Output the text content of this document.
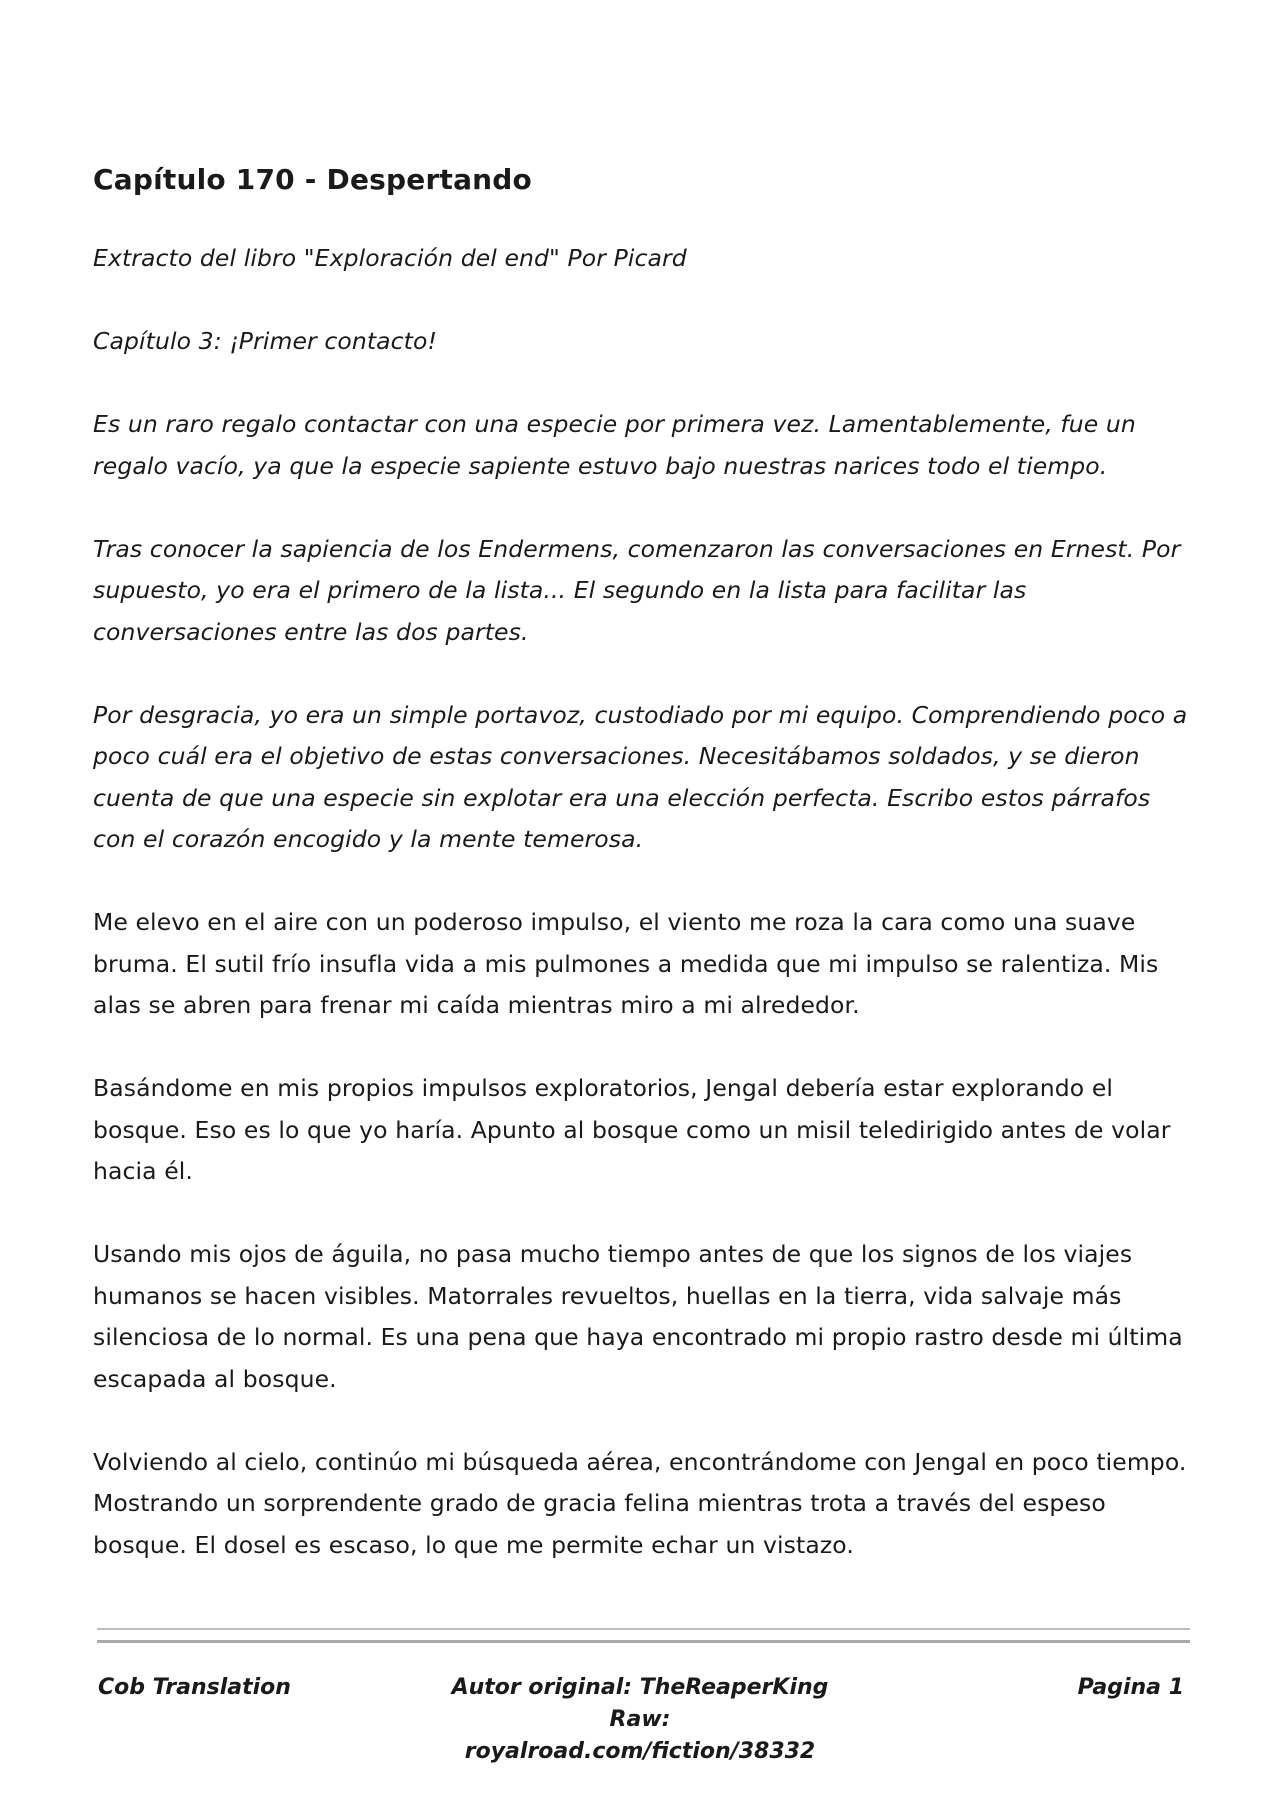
Capítulo 170 - Despertando

Extracto del libro "Exploración del end" Por Picard

Capítulo 3: ¡Primer contacto!

Es un raro regalo contactar con una especie por primera vez. Lamentablemente, fue un regalo vacío, ya que la especie sapiente estuvo bajo nuestras narices todo el tiempo.

Tras conocer la sapiencia de los Endermens, comenzaron las conversaciones en Ernest. Por supuesto, yo era el primero de la lista... El segundo en la lista para facilitar las conversaciones entre las dos partes.

Por desgracia, yo era un simple portavoz, custodiado por mi equipo. Comprendiendo poco a poco cuál era el objetivo de estas conversaciones. Necesitábamos soldados, y se dieron cuenta de que una especie sin explotar era una elección perfecta. Escribo estos párrafos con el corazón encogido y la mente temerosa.

Me elevo en el aire con un poderoso impulso, el viento me roza la cara como una suave bruma. El sutil frío insufla vida a mis pulmones a medida que mi impulso se ralentiza. Mis alas se abren para frenar mi caída mientras miro a mi alrededor.

Basándome en mis propios impulsos exploratorios, Jengal debería estar explorando el bosque. Eso es lo que yo haría. Apunto al bosque como un misil teledirigido antes de volar hacia él.

Usando mis ojos de águila, no pasa mucho tiempo antes de que los signos de los viajes humanos se hacen visibles. Matorrales revueltos, huellas en la tierra, vida salvaje más silenciosa de lo normal. Es una pena que haya encontrado mi propio rastro desde mi última escapada al bosque.

Volviendo al cielo, continúo mi búsqueda aérea, encontrándome con Jengal en poco tiempo. Mostrando un sorprendente grado de gracia felina mientras trota a través del espeso bosque. El dosel es escaso, lo que me permite echar un vistazo.

Cob Translation	Autor original: TheReaperKing
Raw: royalroad.com/fiction/38332
Pagina 1
